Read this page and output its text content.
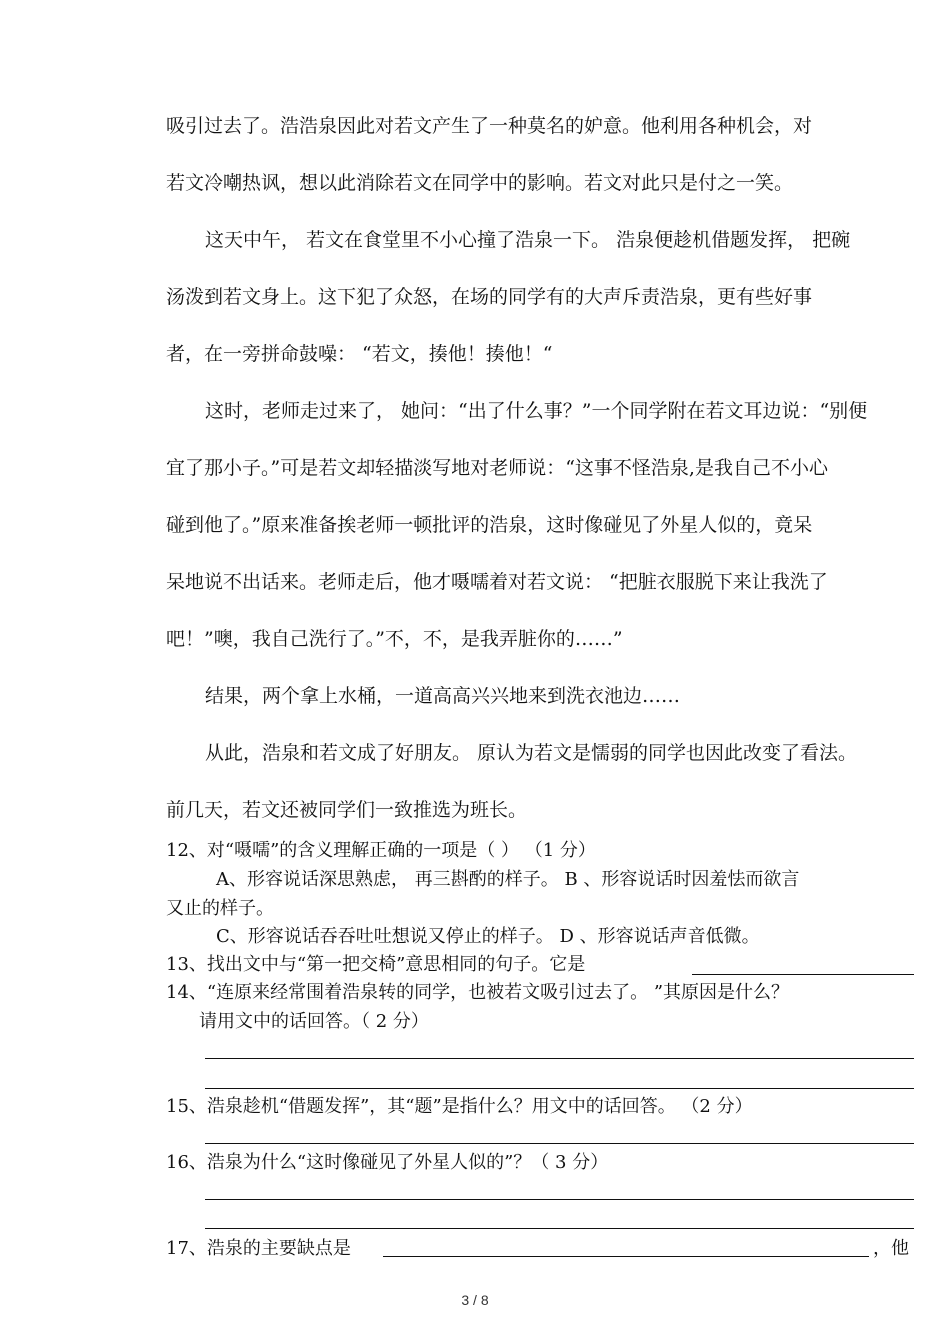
吸引过去了。浩浩泉因此对若文产生了一种莫名的妒意。他利用各种机会，对
若文冷嘲热讽，想以此消除若文在同学中的影响。若文对此只是付之一笑。
这天中午， 若文在食堂里不小心撞了浩泉一下。 浩泉便趁机借题发挥， 把碗
汤泼到若文身上。这下犯了众怒，在场的同学有的大声斥责浩泉，更有些好事
者，在一旁拼命鼓噪： “若文，揍他！揍他！“
这时，老师走过来了， 她问：“出了什么事？”一个同学附在若文耳边说：“别便
宜了那小子。”可是若文却轻描淡写地对老师说：“这事不怪浩泉,是我自己不小心
碰到他了。”原来准备挨老师一顿批评的浩泉，这时像碰见了外星人似的，竟呆
呆地说不出话来。老师走后，他才嗫嚅着对若文说： “把脏衣服脱下来让我洗了
吧！”噢，我自己洗行了。”不，不，是我弄脏你的……”
结果，两个拿上水桶，一道高高兴兴地来到洗衣池边……
从此，浩泉和若文成了好朋友。 原认为若文是懦弱的同学也因此改变了看法。
前几天，若文还被同学们一致推选为班长。
12、对“嗫嚅”的含义理解正确的一项是（ ） （1 分）
A、形容说话深思熟虑， 再三斟酌的样子。 B 、形容说话时因羞怯而欲言
又止的样子。
C、形容说话吞吞吐吐想说又停止的样子。 D 、形容说话声音低微。
13、找出文中与“第一把交椅”意思相同的句子。它是
14、“连原来经常围着浩泉转的同学，也被若文吸引过去了。 ”其原因是什么？
请用文中的话回答。（ 2 分）
15、浩泉趁机“借题发挥”，其“题”是指什么？用文中的话回答。 （2 分）
16、浩泉为什么“这时像碰见了外星人似的”？（ 3 分）
17、浩泉的主要缺点是	，他
3 / 8
